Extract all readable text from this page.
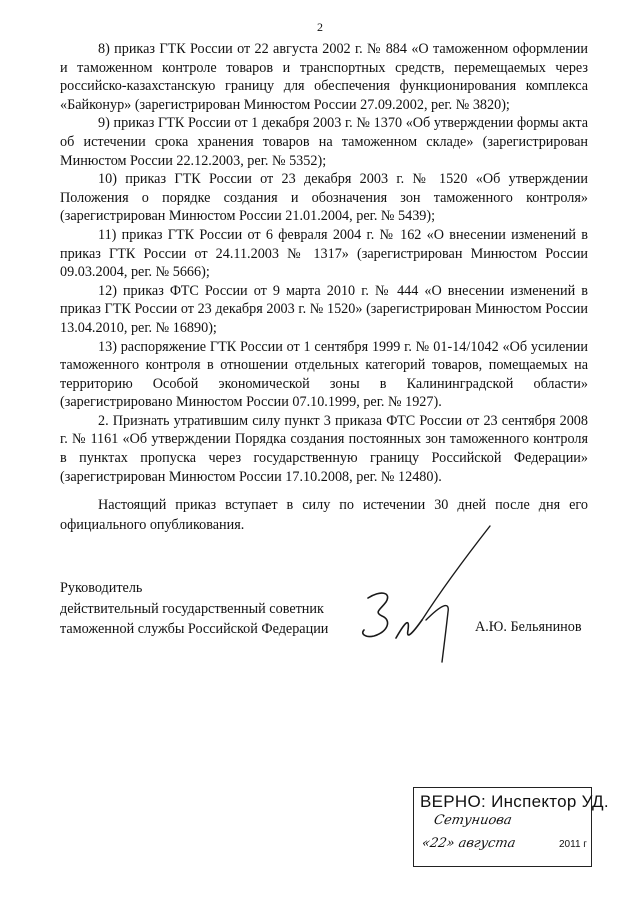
2

8) приказ ГТК России от 22 августа 2002 г. № 884 «О таможенном оформлении и таможенном контроле товаров и транспортных средств, перемещаемых через российско-казахстанскую границу для обеспечения функционирования комплекса «Байконур» (зарегистрирован Минюстом России 27.09.2002, рег. № 3820);

9) приказ ГТК России от 1 декабря 2003 г. № 1370 «Об утверждении формы акта об истечении срока хранения товаров на таможенном складе» (зарегистрирован Минюстом России 22.12.2003, рег. № 5352);

10) приказ ГТК России от 23 декабря 2003 г. № 1520 «Об утверждении Положения о порядке создания и обозначения зон таможенного контроля» (зарегистрирован Минюстом России 21.01.2004, рег. № 5439);

11) приказ ГТК России от 6 февраля 2004 г. № 162 «О внесении изменений в приказ ГТК России от 24.11.2003 № 1317» (зарегистрирован Минюстом России 09.03.2004, рег. № 5666);

12) приказ ФТС России от 9 марта 2010 г. № 444 «О внесении изменений в приказ ГТК России от 23 декабря 2003 г. № 1520» (зарегистрирован Минюстом России 13.04.2010, рег. № 16890);

13) распоряжение ГТК России от 1 сентября 1999 г. № 01-14/1042 «Об усилении таможенного контроля в отношении отдельных категорий товаров, помещаемых на территорию Особой экономической зоны в Калининградской области» (зарегистрировано Минюстом России 07.10.1999, рег. № 1927).

2. Признать утратившим силу пункт 3 приказа ФТС России от 23 сентября 2008 г. № 1161 «Об утверждении Порядка создания постоянных зон таможенного контроля в пунктах пропуска через государственную границу Российской Федерации» (зарегистрирован Минюстом России 17.10.2008, рег. № 12480).

Настоящий приказ вступает в силу по истечении 30 дней после дня его официального опубликования.

Руководитель
действительный государственный советник
таможенной службы Российской Федерации	А.Ю. Бельянинов
ВЕРНО: Инспектор УД.
Сетуниова
«22» августа	2011 г
